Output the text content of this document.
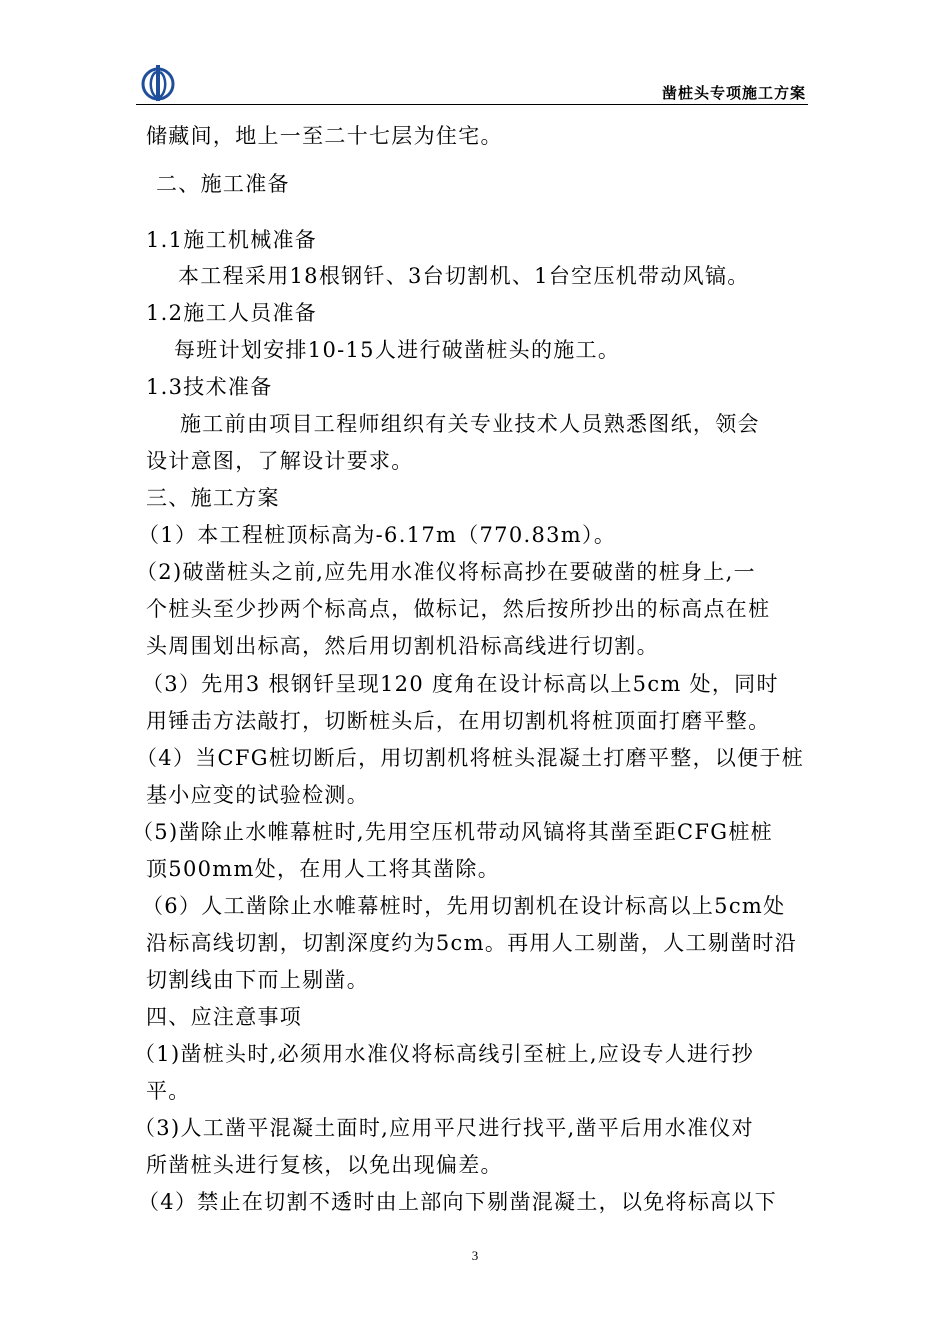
凿桩头专项施工方案
储藏间，地上一至二十七层为住宅。
二、施工准备
1.1施工机械准备
本工程采用18根钢钎、3台切割机、1台空压机带动风镐。
1.2施工人员准备
每班计划安排10-15人进行破凿桩头的施工。
1.3技术准备
施工前由项目工程师组织有关专业技术人员熟悉图纸，领会
设计意图，了解设计要求。
三、施工方案
（1）本工程桩顶标高为-6.17m（770.83m）。
（2)破凿桩头之前,应先用水准仪将标高抄在要破凿的桩身上,一
个桩头至少抄两个标高点，做标记，然后按所抄出的标高点在桩
头周围划出标高，然后用切割机沿标高线进行切割。
（3）先用3 根钢钎呈现120 度角在设计标高以上5cm 处，同时
用锤击方法敲打，切断桩头后，在用切割机将桩顶面打磨平整。
（4）当CFG桩切断后，用切割机将桩头混凝土打磨平整，以便于桩
基小应变的试验检测。
（5)凿除止水帷幕桩时,先用空压机带动风镐将其凿至距CFG桩桩
顶500mm处，在用人工将其凿除。
（6）人工凿除止水帷幕桩时，先用切割机在设计标高以上5cm处
沿标高线切割，切割深度约为5cm。再用人工剔凿，人工剔凿时沿
切割线由下而上剔凿。
四、应注意事项
（1)凿桩头时,必须用水准仪将标高线引至桩上,应设专人进行抄
平。
（3)人工凿平混凝土面时,应用平尺进行找平,凿平后用水准仪对
所凿桩头进行复核，以免出现偏差。
（4）禁止在切割不透时由上部向下剔凿混凝土，以免将标高以下
3
